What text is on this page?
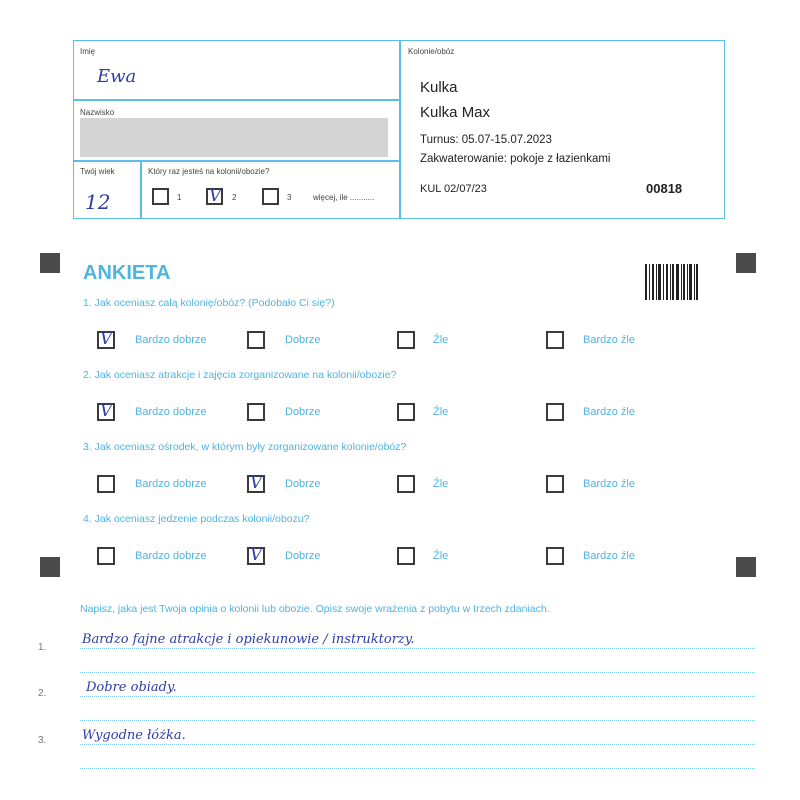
Imię
Ewa
Nazwisko
Twój wiek
12
Który raz jesteś na kolonii/obozie?
1 V 2	3	więcej, ile ...........
Kolonie/obóz
Kulka
Kulka Max
Turnus: 05.07-15.07.2023
Zakwaterowanie: pokoje z łazienkami
KUL 02/07/23	00818
ANKIETA
1. Jak oceniasz całą kolonię/obóz? (Podobało Ci się?)
V Bardzo dobrze	Dobrze	Źle	Bardzo źle
2. Jak oceniasz atrakcje i zajęcia zorganizowane na kolonii/obozie?
V Bardzo dobrze	Dobrze	Źle	Bardzo źle
3. Jak oceniasz ośrodek, w którym były zorganizowane kolonie/obóz?
Bardzo dobrze	V Dobrze	Źle	Bardzo źle
4. Jak oceniasz jedzenie podczas kolonii/obozu?
Bardzo dobrze	V Dobrze	Źle	Bardzo źle
Napisz, jaka jest Twoja opinia o kolonii lub obozie. Opisz swoje wrażenia z pobytu w trzech zdaniach.
1.
2.
3.
Bardzo fajne atrakcje i opiekunowie / instruktorzy.
Dobre obiady.
Wygodne łóżka.
